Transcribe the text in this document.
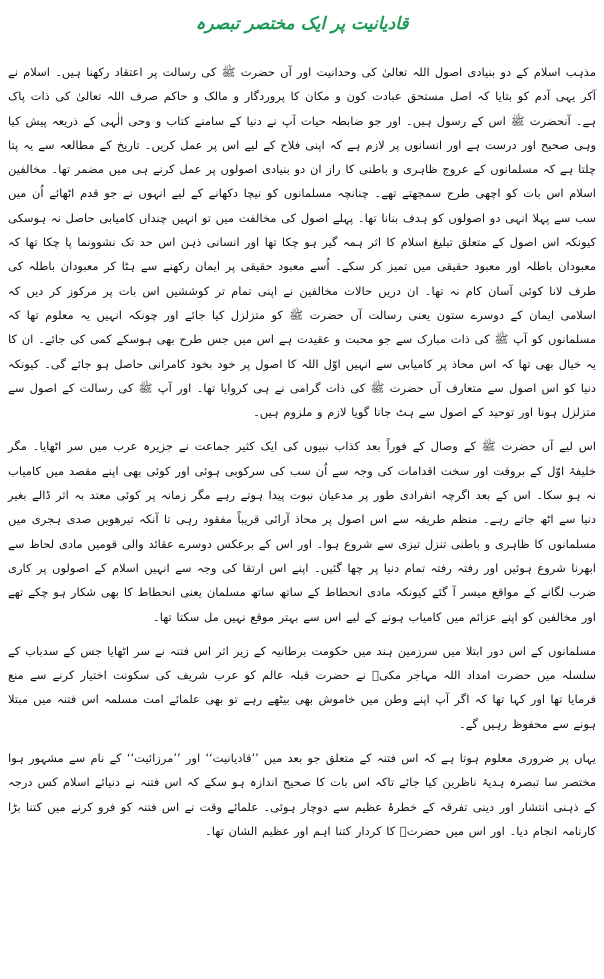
قادیانیت پر ایک مختصر تبصرہ

مذہب اسلام کے دو بنیادی اصول اللہ تعالیٰ کی وحدانیت اور آں حضرت ﷺ کی رسالت پر اعتقاد رکھنا ہیں۔ اسلام نے آکر یہی آدم کو بتایا کہ اصل مستحق عبادت کون و مکان کا پروردگار و مالک و حاکم صرف اللہ تعالیٰ کی ذات پاک ہے۔ آنحضرت ﷺ اس کے رسول ہیں۔ اور جو ضابطہ حیات آپ نے دنیا کے سامنے کتاب و وحی الٰہی کے ذریعہ پیش کیا وہی صحیح اور درست ہے اور انسانوں پر لازم ہے کہ اپنی فلاح کے لیے اس پر عمل کریں۔ تاریخ کے مطالعہ سے یہ پتا چلتا ہے کہ مسلمانوں کے عروج ظاہری و باطنی کا راز ان دو بنیادی اصولوں پر عمل کرنے ہی میں مضمر تھا۔ مخالفین اسلام اس بات کو اچھی طرح سمجھتے تھے۔ چنانچہ مسلمانوں کو نیچا دکھانے کے لیے انہوں نے جو قدم اٹھائے اُن میں سب سے پہلا انہی دو اصولوں کو ہدف بنانا تھا۔ پہلے اصول کی مخالفت میں تو انہیں چنداں کامیابی حاصل نہ ہوسکی کیونکہ اس اصول کے متعلق تبلیغ اسلام کا اثر ہمہ گیر ہو چکا تھا اور انسانی ذہن اس حد تک نشوونما پا چکا تھا کہ معبودان باطلہ اور معبود حقیقی میں تمیز کر سکے۔ اُسے معبود حقیقی پر ایمان رکھنے سے ہٹا کر معبودان باطلہ کی طرف لانا کوئی آسان کام نہ تھا۔ ان دریں حالات مخالفین نے اپنی تمام تر کوششیں اس بات پر مرکوز کر دیں کہ اسلامی ایمان کے دوسرے ستون یعنی رسالت آں حضرت ﷺ کو متزلزل کیا جائے اور چونکہ انہیں یہ معلوم تھا کہ مسلمانوں کو آپ ﷺ کی ذات مبارک سے جو محبت و عقیدت ہے اس میں جس طرح بھی ہوسکے کمی کی جائے۔ ان کا یہ خیال بھی تھا کہ اس محاذ پر کامیابی سے انہیں اوّل اللہ کا اصول پر خود بخود کامرانی حاصل ہو جائے گی۔ کیونکہ دنیا کو اس اصول سے متعارف آں حضرت ﷺ کی ذات گرامی نے ہی کروایا تھا۔ اور آپ ﷺ کی رسالت کے اصول سے متزلزل ہونا اور توحید کے اصول سے ہٹ جانا گویا لازم و ملزوم ہیں۔

اس لیے آں حضرت ﷺ کے وصال کے فوراً بعد کذاب نبیوں کی ایک کثیر جماعت نے جزیرہ عرب میں سر اٹھایا۔ مگر خلیفۂ اوّل کے بروقت اور سخت اقدامات کی وجہ سے اُن سب کی سرکوبی ہوئی اور کوئی بھی اپنے مقصد میں کامیاب نہ ہو سکا۔ اس کے بعد اگرچہ انفرادی طور پر مدعیان نبوت پیدا ہوتے رہے مگر زمانہ پر کوئی معتد بہ اثر ڈالے بغیر دنیا سے اٹھ جاتے رہے۔ منظم طریقہ سے اس اصول پر محاذ آرائی قریباً مفقود رہی تا آنکہ تیرھویں صدی ہجری میں مسلمانوں کا ظاہری و باطنی تنزل تیزی سے شروع ہوا۔ اور اس کے برعکس دوسرے عقائد والی قومیں مادی لحاظ سے ابھرنا شروع ہوئیں اور رفتہ رفتہ تمام دنیا پر چھا گئیں۔ اپنے اس ارتقا کی وجہ سے انہیں اسلام کے اصولوں پر کاری ضرب لگانے کے مواقع میسر آ گئے کیونکہ مادی انحطاط کے ساتھ ساتھ مسلمان یعنی انحطاط کا بھی شکار ہو چکے تھے اور مخالفین کو اپنے عزائم میں کامیاب ہونے کے لیے اس سے بہتر موقع نہیں مل سکتا تھا۔

مسلمانوں کے اس دور ابتلا میں سرزمین ہند میں حکومت برطانیہ کے زیر اثر اس فتنہ نے سر اٹھایا جس کے سدباب کے سلسلہ میں حضرت امداد اللہ مہاجر مکیؒ نے حضرت قبلہ عالم کو عرب شریف کی سکونت اختیار کرنے سے منع فرمایا تھا اور کہا تھا کہ اگر آپ اپنے وطن میں خاموش بھی بیٹھے رہے تو بھی علمائے امت مسلمہ اس فتنہ میں مبتلا ہونے سے محفوظ رہیں گے۔

یہاں پر ضروری معلوم ہوتا ہے کہ اس فتنہ کے متعلق جو بعد میں ’’قادیانیت‘‘ اور ’’مرزائیت‘‘ کے نام سے مشہور ہوا مختصر سا تبصرہ ہدیۂ ناظرین کیا جائے تاکہ اس بات کا صحیح اندازہ ہو سکے کہ اس فتنہ نے دنیائے اسلام کس درجہ کے ذہنی انتشار اور دینی تفرقہ کے خطرۂ عظیم سے دوچار ہوئی۔ علمائے وقت نے اس فتنہ کو فرو کرنے میں کتنا بڑا کارنامہ انجام دیا۔ اور اس میں حضرتؒ کا کردار کتنا اہم اور عظیم الشان تھا۔
